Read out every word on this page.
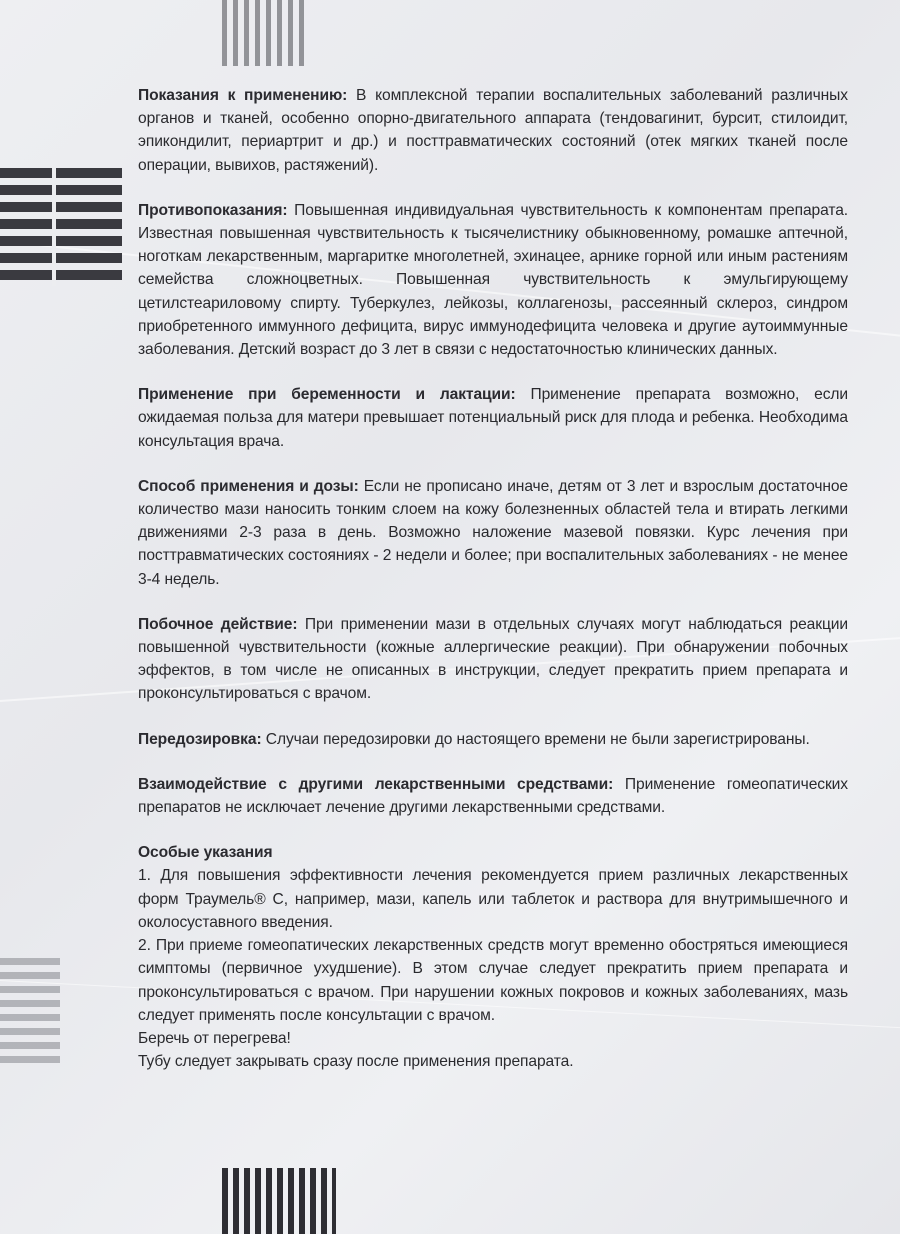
Показания к применению: В комплексной терапии воспалительных заболеваний различных органов и тканей, особенно опорно-двигательного аппарата (тендовагинит, бурсит, стилоидит, эпикондилит, периартрит и др.) и посттравматических состояний (отек мягких тканей после операции, вывихов, растяжений).

Противопоказания: Повышенная индивидуальная чувствительность к компонентам препарата. Известная повышенная чувствительность к тысячелистнику обыкновенному, ромашке аптечной, ноготкам лекарственным, маргаритке многолетней, эхинацее, арнике горной или иным растениям семейства сложноцветных. Повышенная чувствительность к эмульгирующему цетилстеариловому спирту. Туберкулез, лейкозы, коллагенозы, рассеянный склероз, синдром приобретенного иммунного дефицита, вирус иммунодефицита человека и другие аутоиммунные заболевания. Детский возраст до 3 лет в связи с недостаточностью клинических данных.

Применение при беременности и лактации: Применение препарата возможно, если ожидаемая польза для матери превышает потенциальный риск для плода и ребенка. Необходима консультация врача.

Способ применения и дозы: Если не прописано иначе, детям от 3 лет и взрослым достаточное количество мази наносить тонким слоем на кожу болезненных областей тела и втирать легкими движениями 2-3 раза в день. Возможно наложение мазевой повязки. Курс лечения при посттравматических состояниях - 2 недели и более; при воспалительных заболеваниях - не менее 3-4 недель.

Побочное действие: При применении мази в отдельных случаях могут наблюдаться реакции повышенной чувствительности (кожные аллергические реакции). При обнаружении побочных эффектов, в том числе не описанных в инструкции, следует прекратить прием препарата и проконсультироваться с врачом.

Передозировка: Случаи передозировки до настоящего времени не были зарегистрированы.

Взаимодействие с другими лекарственными средствами: Применение гомеопатических препаратов не исключает лечение другими лекарственными средствами.

Особые указания

1. Для повышения эффективности лечения рекомендуется прием различных лекарственных форм Траумель® С, например, мази, капель или таблеток и раствора для внутримышечного и околосуставного введения.

2. При приеме гомеопатических лекарственных средств могут временно обостряться имеющиеся симптомы (первичное ухудшение). В этом случае следует прекратить прием препарата и проконсультироваться с врачом. При нарушении кожных покровов и кожных заболеваниях, мазь следует применять после консультации с врачом.

Беречь от перегрева!

Тубу следует закрывать сразу после применения препарата.
